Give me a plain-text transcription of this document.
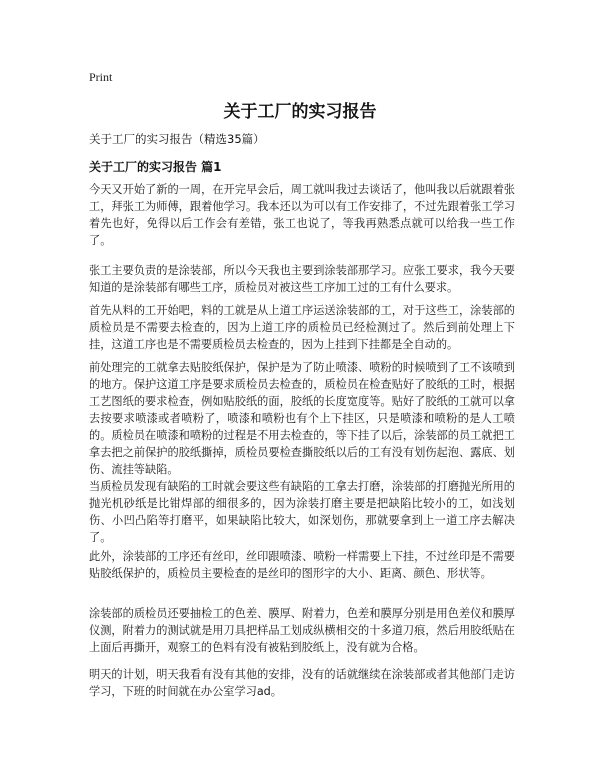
Print
关于工厂的实习报告

关于工厂的实习报告（精选35篇）

关于工厂的实习报告 篇1

今天又开始了新的一周，在开完早会后，周工就叫我过去谈话了，他叫我以后就跟着张工，拜张工为师傅，跟着他学习。我本还以为可以有工作安排了，不过先跟着张工学习着先也好，免得以后工作会有差错，张工也说了，等我再熟悉点就可以给我一些工作了。

张工主要负责的是涂装部，所以今天我也主要到涂装部那学习。应张工要求，我今天要知道的是涂装部有哪些工序，质检员对被这些工序加工过的工有什么要求。

首先从料的工开始吧，料的工就是从上道工序运送涂装部的工，对于这些工，涂装部的质检员是不需要去检查的，因为上道工序的质检员已经检测过了。然后到前处理上下挂，这道工序也是不需要质检员去检查的，因为上挂到下挂都是全自动的。

前处理完的工就拿去贴胶纸保护，保护是为了防止喷漆、喷粉的时候喷到了工不该喷到的地方。保护这道工序是要求质检员去检查的，质检员在检查贴好了胶纸的工时，根据工艺图纸的要求检查，例如贴胶纸的面，胶纸的长度宽度等。贴好了胶纸的工就可以拿去按要求喷漆或者喷粉了，喷漆和喷粉也有个上下挂区，只是喷漆和喷粉的是人工喷的。质检员在喷漆和喷粉的过程是不用去检查的，等下挂了以后，涂装部的员工就把工拿去把之前保护的胶纸撕掉，质检员要检查撕胶纸以后的工有没有划伤起泡、露底、划伤、流挂等缺陷。

当质检员发现有缺陷的工时就会要这些有缺陷的工拿去打磨，涂装部的打磨抛光所用的抛光机砂纸是比钳焊部的细很多的，因为涂装打磨主要是把缺陷比较小的工，如浅划伤、小凹凸陷等打磨平，如果缺陷比较大，如深划伤，那就要拿到上一道工序去解决了。

此外，涂装部的工序还有丝印，丝印跟喷漆、喷粉一样需要上下挂，不过丝印是不需要贴胶纸保护的，质检员主要检查的是丝印的图形字的大小、距离、颜色、形状等。

涂装部的质检员还要抽检工的色差、膜厚、附着力，色差和膜厚分别是用色差仪和膜厚仪测，附着力的测试就是用刀具把样品工划成纵横相交的十多道刀痕，然后用胶纸贴在上面后再撕开，观察工的色料有没有被粘到胶纸上，没有就为合格。

明天的计划，明天我看有没有其他的安排，没有的话就继续在涂装部或者其他部门走访学习，下班的时间就在办公室学习ad。
